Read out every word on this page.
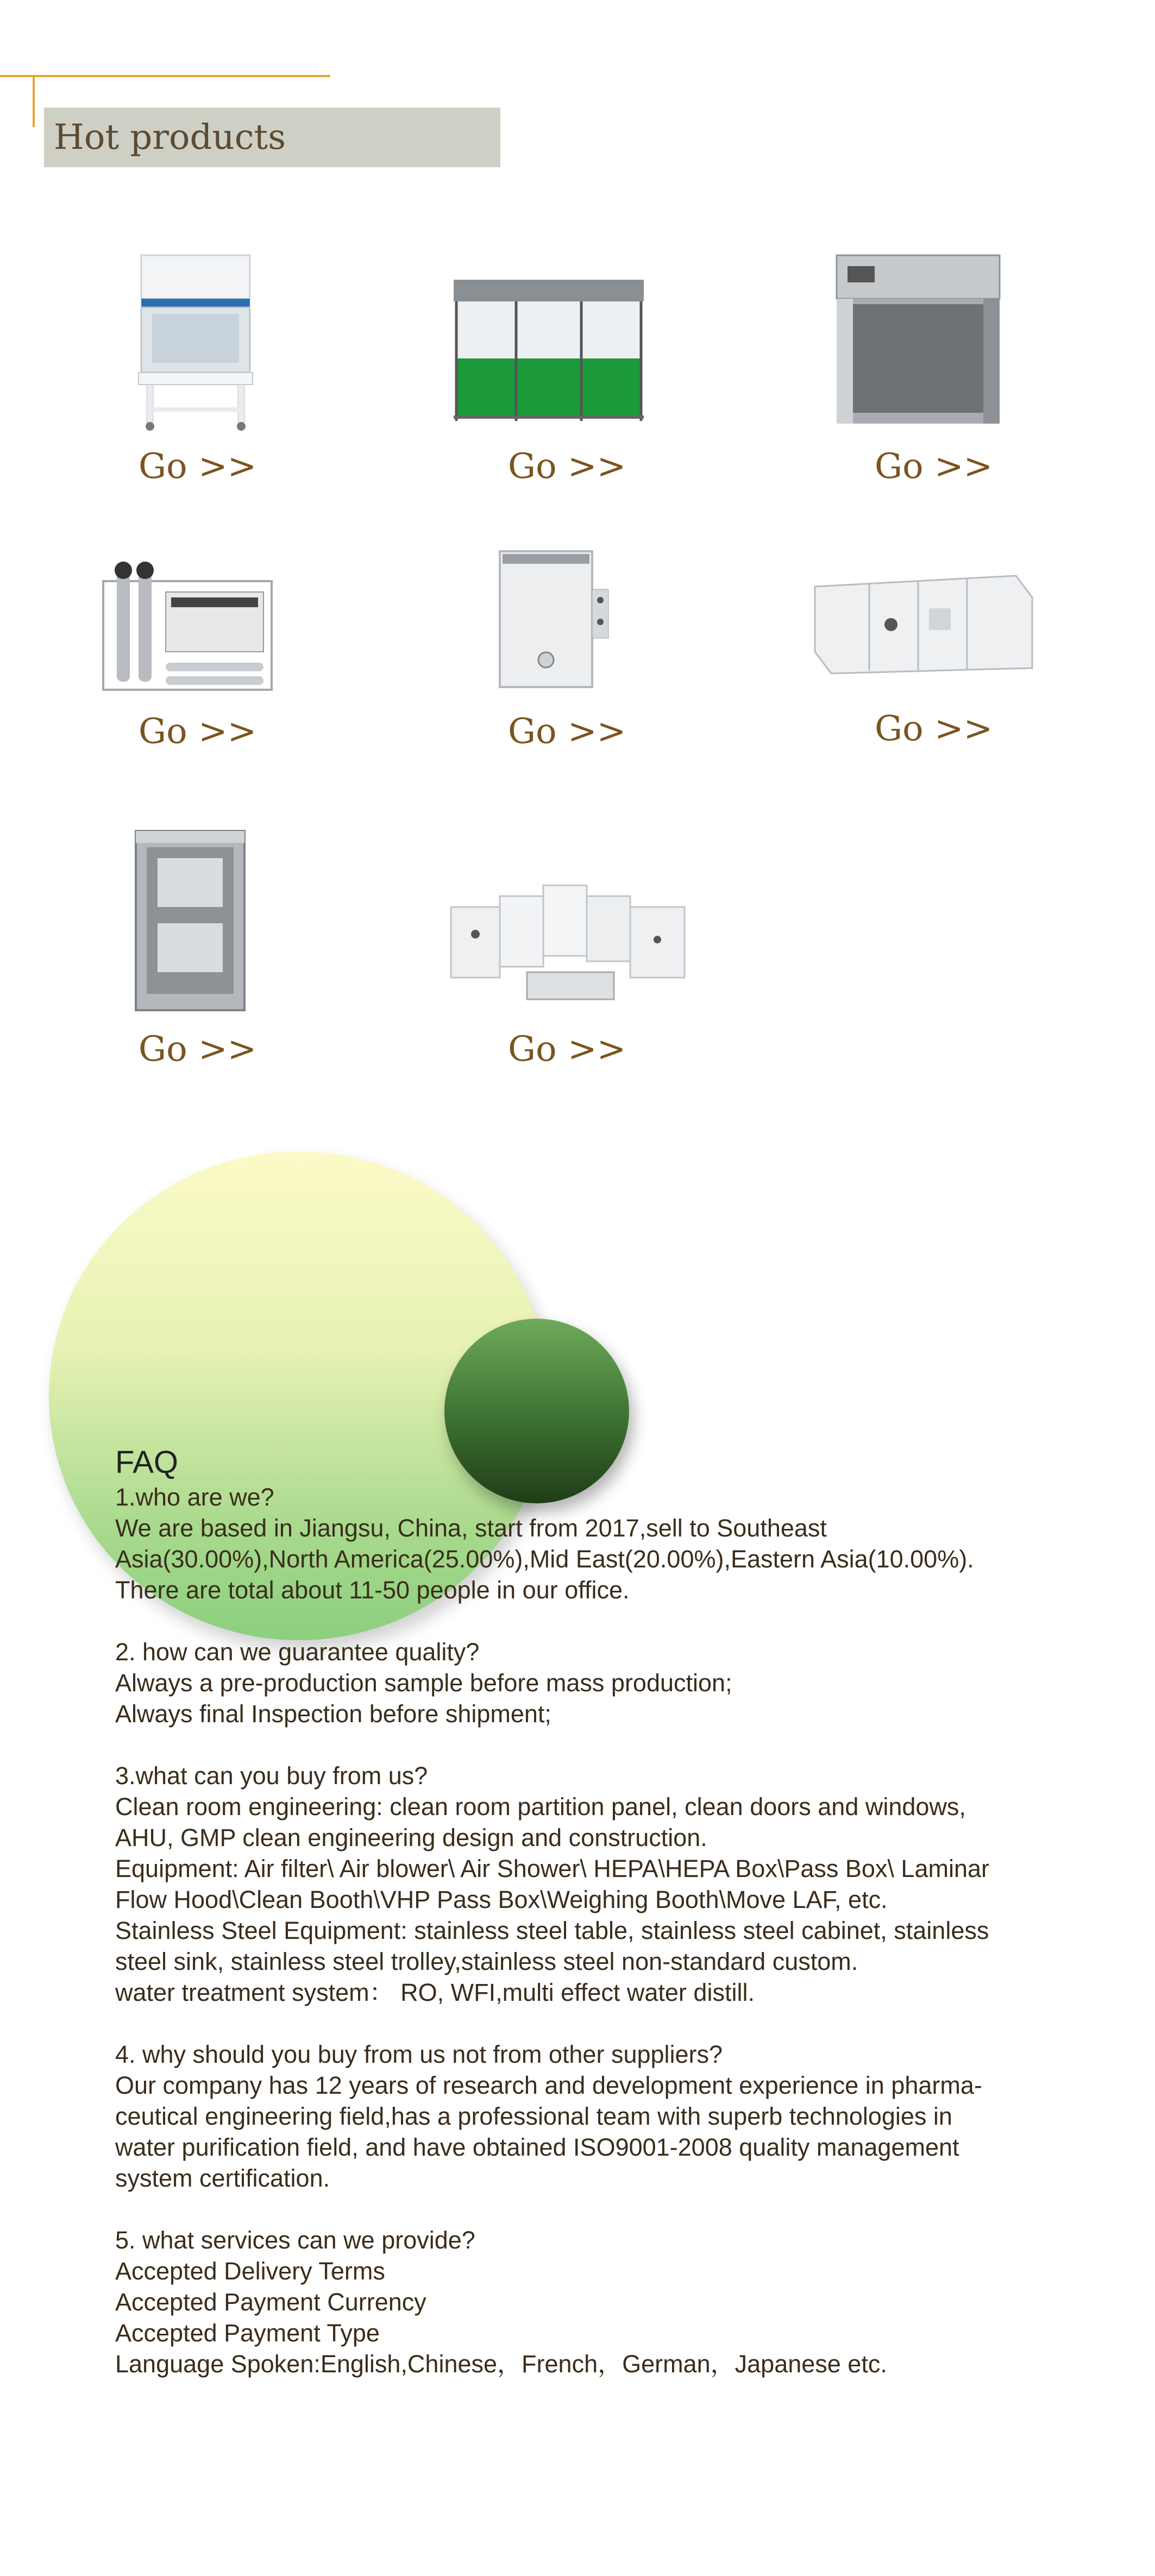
Hot products
Go >>	Go >>	Go >>
Go >>	Go >>	Go >>
Go >>	Go >>
FAQ
1.who are we?
We are based in Jiangsu, China, start from 2017,sell to Southeast
Asia(30.00%),North America(25.00%),Mid East(20.00%),Eastern Asia(10.00%).
There are total about 11-50 people in our office.
2. how can we guarantee quality?
Always a pre-production sample before mass production;
Always final Inspection before shipment;
3.what can you buy from us?
Clean room engineering: clean room partition panel, clean doors and windows,
AHU, GMP clean engineering design and construction.
Equipment: Air filter\ Air blower\ Air Shower\ HEPA\HEPA Box\Pass Box\ Laminar
Flow Hood\Clean Booth\VHP Pass Box\Weighing Booth\Move LAF, etc.
Stainless Steel Equipment: stainless steel table, stainless steel cabinet, stainless
steel sink, stainless steel trolley,stainless steel non-standard custom.
water treatment system： RO, WFI,multi effect water distill.
4. why should you buy from us not from other suppliers?
Our company has 12 years of research and development experience in pharma-
ceutical engineering field,has a professional team with superb technologies in
water purification field, and have obtained ISO9001-2008 quality management
system certification.
5. what services can we provide?
Accepted Delivery Terms
Accepted Payment Currency
Accepted Payment Type
Language Spoken:English,Chinese，French，German，Japanese etc.
